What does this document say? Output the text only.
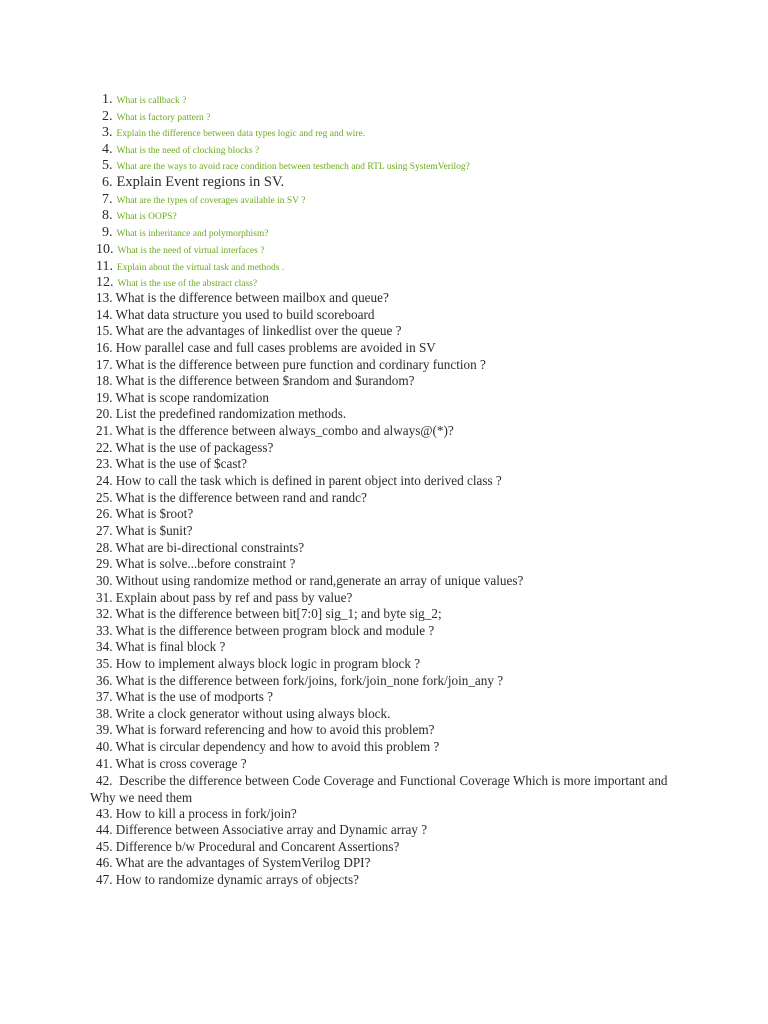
1. What is callback ?
2. What is factory pattern ?
3. Explain the difference between data types logic and reg and wire.
4. What is the need of clocking blocks ?
5. What are the ways to avoid race condition between testbench and RTL using SystemVerilog?
6. Explain Event regions in SV.
7. What are the types of coverages available in SV ?
8. What is OOPS?
9. What is inheritance and polymorphism?
10. What is the need of virtual interfaces ?
11. Explain about the virtual task and methods .
12. What is the use of the abstract class?
13. What is the difference between mailbox and queue?
14. What data structure you used to build scoreboard
15. What are the advantages of linkedlist over the queue ?
16. How parallel case and full cases problems are avoided in SV
17. What is the difference between pure function and cordinary function ?
18. What is the difference between $random and $urandom?
19. What is scope randomization
20. List the predefined randomization methods.
21. What is the dfference between always_combo and always@(*)?
22. What is the use of packagess?
23. What is the use of $cast?
24. How to call the task which is defined in parent object into derived class ?
25. What is the difference between rand and randc?
26. What is $root?
27. What is $unit?
28. What are bi-directional constraints?
29. What is solve...before constraint ?
30. Without using randomize method or rand,generate an array of unique values?
31. Explain about pass by ref and pass by value?
32. What is the difference between bit[7:0] sig_1; and byte sig_2;
33. What is the difference between program block and module ?
34. What is final block ?
35. How to implement always block logic in program block ?
36. What is the difference between fork/joins, fork/join_none fork/join_any ?
37. What is the use of modports ?
38. Write a clock generator without using always block.
39. What is forward referencing and how to avoid this problem?
40. What is circular dependency and how to avoid this problem ?
41. What is cross coverage ?
42. Describe the difference between Code Coverage and Functional Coverage Which is more important and Why we need them
43. How to kill a process in fork/join?
44. Difference between Associative array and Dynamic array ?
45. Difference b/w Procedural and Concarent Assertions?
46. What are the advantages of SystemVerilog DPI?
47. How to randomize dynamic arrays of objects?
